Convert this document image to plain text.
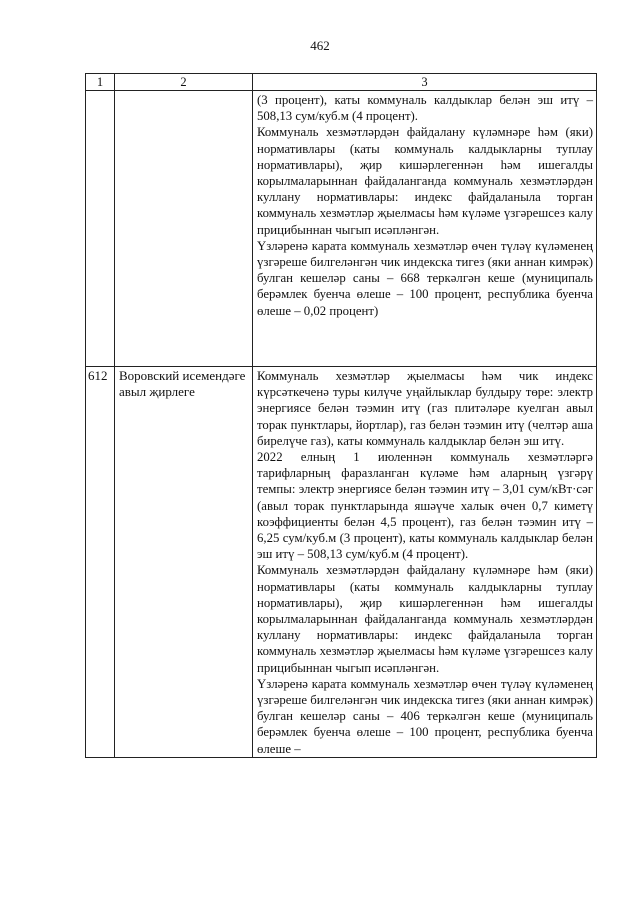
462
1	2	3

		(3 процент), каты коммуналь калдыклар белән эш итү – 508,13 сум/куб.м (4 процент).

Коммуналь хезмәтләрдән файдалану күләмнәре һәм (яки) нормативлары (каты коммуналь калдыкларны туплау нормативлары), җир кишәрлегеннән һәм ишегалды корылмаларыннан файдаланганда коммуналь хезмәтләрдән куллану нормативлары: индекс файдаланыла торган коммуналь хезмәтләр җыелмасы һәм күләме үзгәрешсез калу прицибыннан чыгып исәпләнгән.

Үзләренә карата коммуналь хезмәтләр өчен түләү күләменең үзгәреше билгеләнгән чик индекска тигез (яки аннан кимрәк) булган кешеләр саны – 668 теркәлгән кеше (муниципаль берәмлек буенча өлеше – 100 процент, республика буенча өлеше – 0,02 процент)

612	Воровский исемендәге авыл җирлеге	Коммуналь хезмәтләр җыелмасы һәм чик индекс күрсәткеченә туры килүче уңайлыклар булдыру төре: электр энергиясе белән тәэмин итү (газ плитәләре куелган авыл торак пунктлары, йортлар), газ белән тәэмин итү (челтәр аша бирелүче газ), каты коммуналь калдыклар белән эш итү.

2022 елның 1 июленнән коммуналь хезмәтләргә тарифларның фаразланган күләме һәм аларның үзгәрү темпы: электр энергиясе белән тәэмин итү – 3,01 сум/кВт·сәг (авыл торак пунктларында яшәүче халык өчен 0,7 киметү коэффициенты белән 4,5 процент), газ белән тәэмин итү – 6,25 сум/куб.м (3 процент), каты коммуналь калдыклар белән эш итү – 508,13 сум/куб.м (4 процент).

Коммуналь хезмәтләрдән файдалану күләмнәре һәм (яки) нормативлары (каты коммуналь калдыкларны туплау нормативлары), җир кишәрлегеннән һәм ишегалды корылмаларыннан файдаланганда коммуналь хезмәтләрдән куллану нормативлары: индекс файдаланыла торган коммуналь хезмәтләр җыелмасы һәм күләме үзгәрешсез калу прицибыннан чыгып исәпләнгән.

Үзләренә карата коммуналь хезмәтләр өчен түләү күләменең үзгәреше билгеләнгән чик индекска тигез (яки аннан кимрәк) булган кешеләр саны – 406 теркәлгән кеше (муниципаль берәмлек буенча өлеше – 100 процент, республика буенча өлеше –
